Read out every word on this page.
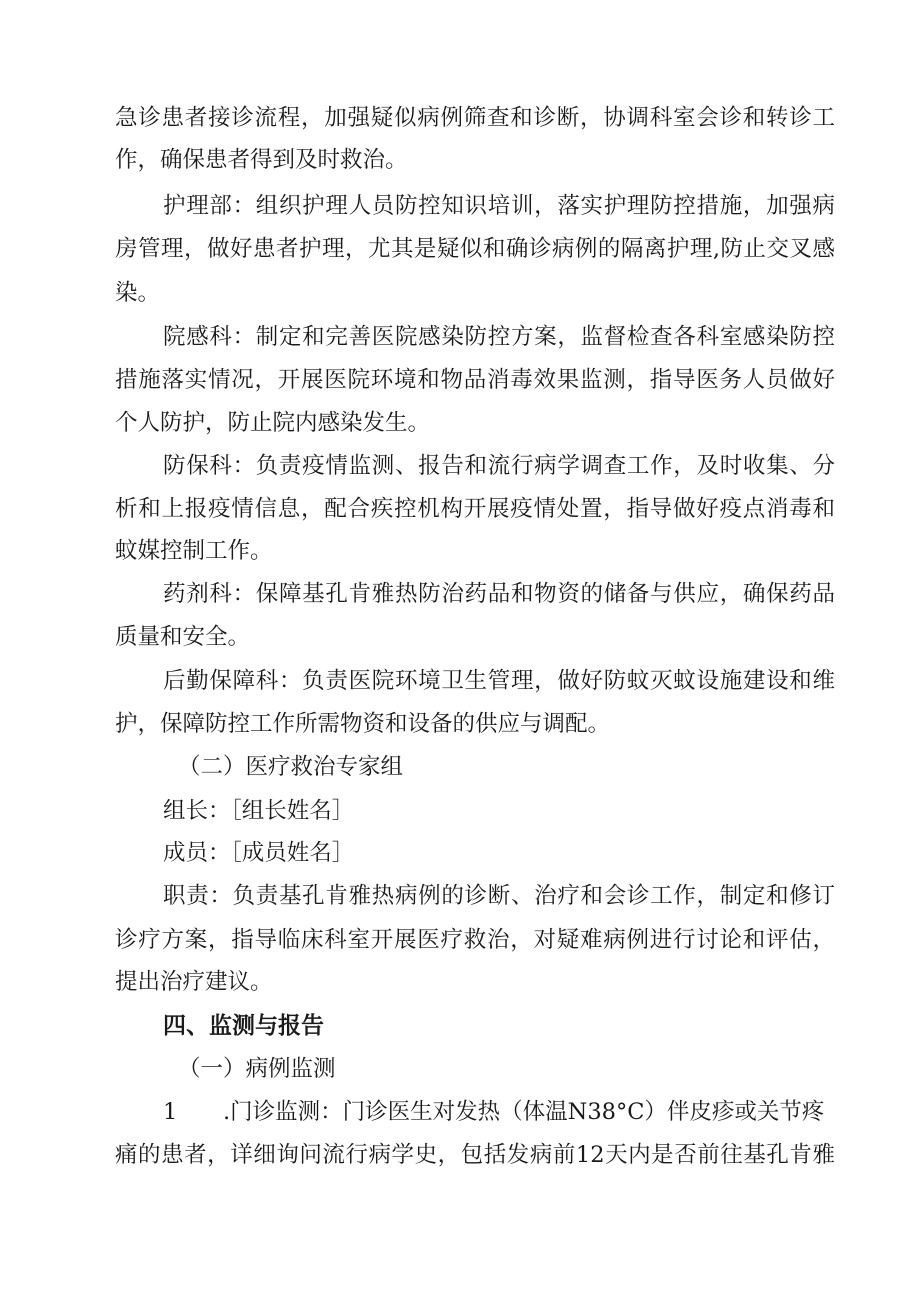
急诊患者接诊流程，加强疑似病例筛查和诊断，协调科室会诊和转诊工
作，确保患者得到及时救治。
护理部：组织护理人员防控知识培训，落实护理防控措施，加强病
房管理，做好患者护理，尤其是疑似和确诊病例的隔离护理,防止交叉感
染。
院感科：制定和完善医院感染防控方案，监督检查各科室感染防控
措施落实情况，开展医院环境和物品消毒效果监测，指导医务人员做好
个人防护，防止院内感染发生。
防保科：负责疫情监测、报告和流行病学调查工作，及时收集、分
析和上报疫情信息，配合疾控机构开展疫情处置，指导做好疫点消毒和
蚊媒控制工作。
药剂科：保障基孔肯雅热防治药品和物资的储备与供应，确保药品
质量和安全。
后勤保障科：负责医院环境卫生管理，做好防蚊灭蚊设施建设和维
护，保障防控工作所需物资和设备的供应与调配。
（二）医疗救治专家组
组长：［组长姓名］
成员：［成员姓名］
职责：负责基孔肯雅热病例的诊断、治疗和会诊工作，制定和修订
诊疗方案，指导临床科室开展医疗救治，对疑难病例进行讨论和评估，
提出治疗建议。
四、监测与报告
（一）病例监测
1 .门诊监测：门诊医生对发热（体温N38°C）伴皮疹或关节疼
痛的患者，详细询问流行病学史，包括发病前12天内是否前往基孔肯雅
